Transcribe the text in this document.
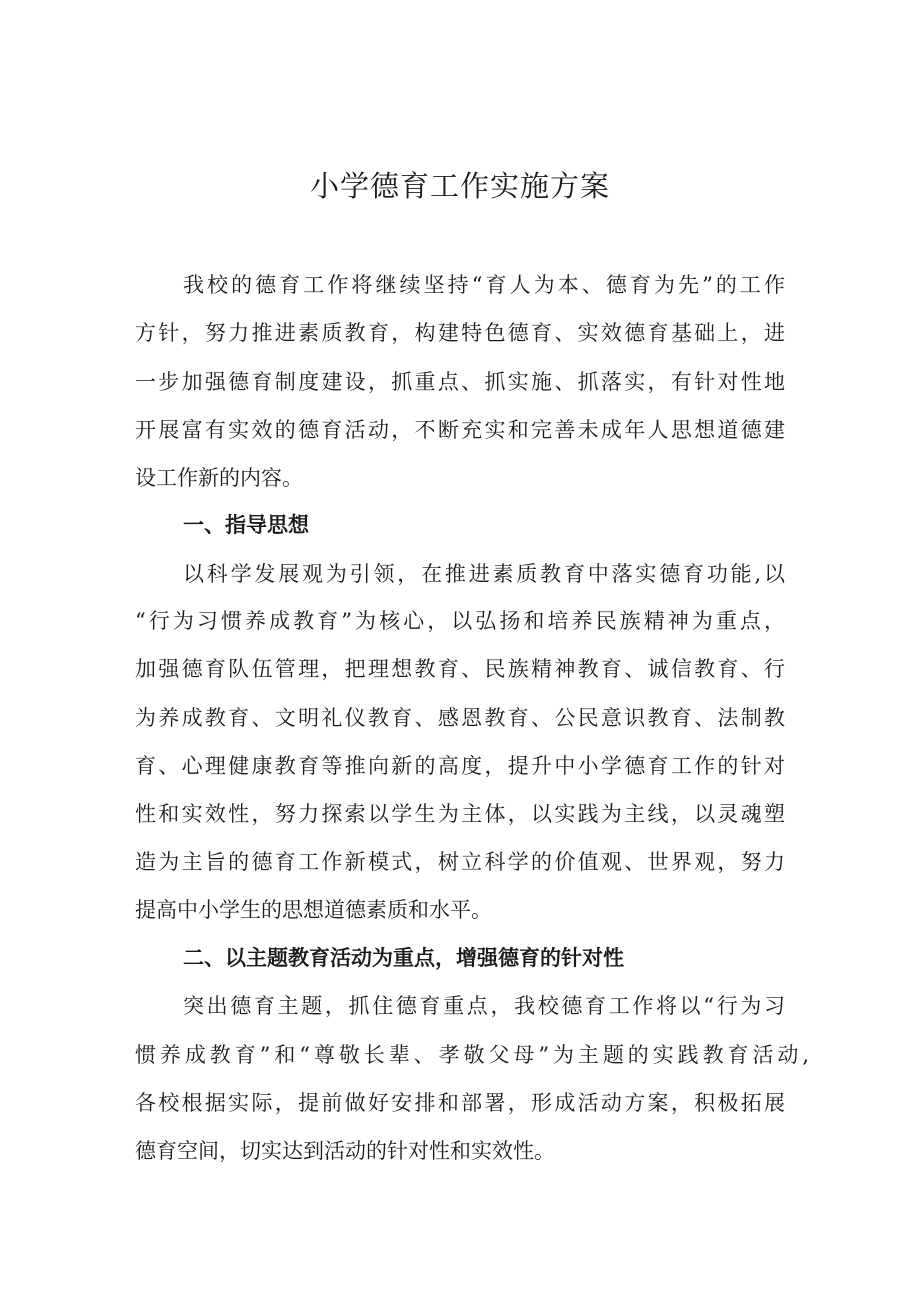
小学德育工作实施方案

我校的德育工作将继续坚持“育人为本、德育为先”的工作

方针，努力推进素质教育，构建特色德育、实效德育基础上，进

一步加强德育制度建设，抓重点、抓实施、抓落实，有针对性地

开展富有实效的德育活动，不断充实和完善未成年人思想道德建

设工作新的内容。

一、指导思想

以科学发展观为引领，在推进素质教育中落实德育功能,以

“行为习惯养成教育”为核心，以弘扬和培养民族精神为重点，

加强德育队伍管理，把理想教育、民族精神教育、诚信教育、行

为养成教育、文明礼仪教育、感恩教育、公民意识教育、法制教

育、心理健康教育等推向新的高度，提升中小学德育工作的针对

性和实效性，努力探索以学生为主体，以实践为主线，以灵魂塑

造为主旨的德育工作新模式，树立科学的价值观、世界观，努力

提高中小学生的思想道德素质和水平。

二、以主题教育活动为重点，增强德育的针对性

突出德育主题，抓住德育重点，我校德育工作将以“行为习

惯养成教育”和“尊敬长辈、孝敬父母”为主题的实践教育活动,

各校根据实际，提前做好安排和部署，形成活动方案，积极拓展

德育空间，切实达到活动的针对性和实效性。
